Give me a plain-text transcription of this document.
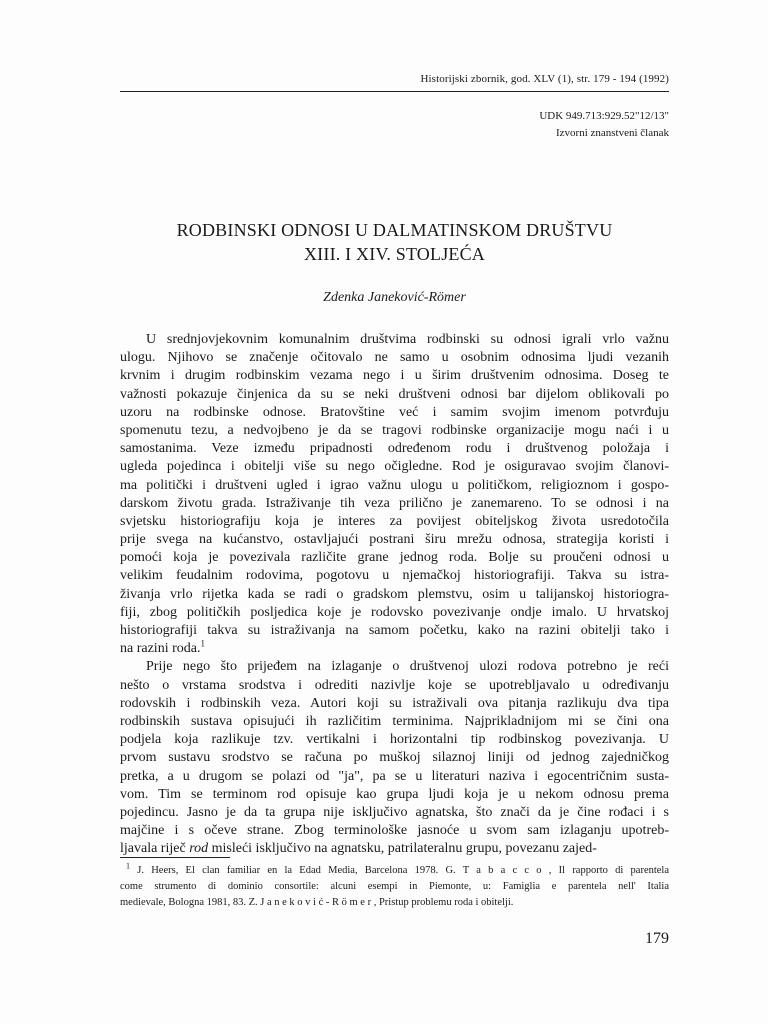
Historijski zbornik, god. XLV (1), str. 179 - 194 (1992)
UDK 949.713:929.52"12/13"
Izvorni znanstveni članak
RODBINSKI ODNOSI U DALMATINSKOM DRUŠTVU
XIII. I XIV. STOLJEĆA
Zdenka Janeković-Römer
U srednjovjekovnim komunalnim društvima rodbinski su odnosi igrali vrlo važnu
ulogu. Njihovo se značenje očitovalo ne samo u osobnim odnosima ljudi vezanih
krvnim i drugim rodbinskim vezama nego i u širim društvenim odnosima. Doseg te
važnosti pokazuje činjenica da su se neki društveni odnosi bar dijelom oblikovali po
uzoru na rodbinske odnose. Bratovštine već i samim svojim imenom potvrđuju
spomenutu tezu, a nedvojbeno je da se tragovi rodbinske organizacije mogu naći i u
samostanima. Veze između pripadnosti određenom rodu i društvenog položaja i
ugleda pojedinca i obitelji više su nego očigledne. Rod je osiguravao svojim članovi-
ma politički i društveni ugled i igrao važnu ulogu u političkom, religioznom i gospo-
darskom životu grada. Istraživanje tih veza prilično je zanemareno. To se odnosi i na
svjetsku historiografiju koja je interes za povijest obiteljskog života usredotočila
prije svega na kućanstvo, ostavljajući postrani širu mrežu odnosa, strategija koristi i
pomoći koja je povezivala različite grane jednog roda. Bolje su proučeni odnosi u
velikim feudalnim rodovima, pogotovu u njemačkoj historiografiji. Takva su istra-
živanja vrlo rijetka kada se radi o gradskom plemstvu, osim u talijanskoj historiogra-
fiji, zbog političkih posljedica koje je rodovsko povezivanje ondje imalo. U hrvatskoj
historiografiji takva su istraživanja na samom početku, kako na razini obitelji tako i
na razini roda.$^1$
Prije nego što prijeđem na izlaganje o društvenoj ulozi rodova potrebno je reći
nešto o vrstama srodstva i odrediti nazivlje koje se upotrebljavalo u određivanju
rodovskih i rodbinskih veza. Autori koji su istraživali ova pitanja razlikuju dva tipa
rodbinskih sustava opisujući ih različitim terminima. Najprikladnijom mi se čini ona
podjela koja razlikuje tzv. vertikalni i horizontalni tip rodbinskog povezivanja. U
prvom sustavu srodstvo se računa po muškoj silaznoj liniji od jednog zajedničkog
pretka, a u drugom se polazi od "ja", pa se u literaturi naziva i egocentričnim susta-
vom. Tim se terminom rod opisuje kao grupa ljudi koja je u nekom odnosu prema
pojedincu. Jasno je da ta grupa nije isključivo agnatska, što znači da je čine rođaci i s
majčine i s očeve strane. Zbog terminološke jasnoće u svom sam izlaganju upotreb-
ljavala riječ rod misleći isključivo na agnatsku, patrilateralnu grupu, povezanu zajed-
$^1$ J. Heers, El clan familiar en la Edad Media, Barcelona 1978. G. T a b a c c o , Il rapporto di parentela
come strumento di dominio consortile: alcuni esempi in Piemonte, u: Famiglia e parentela nell' Italia
medievale, Bologna 1981, 83. Z. J a n e k o v i ć - R ö m e r , Pristup problemu roda i obitelji.
179
